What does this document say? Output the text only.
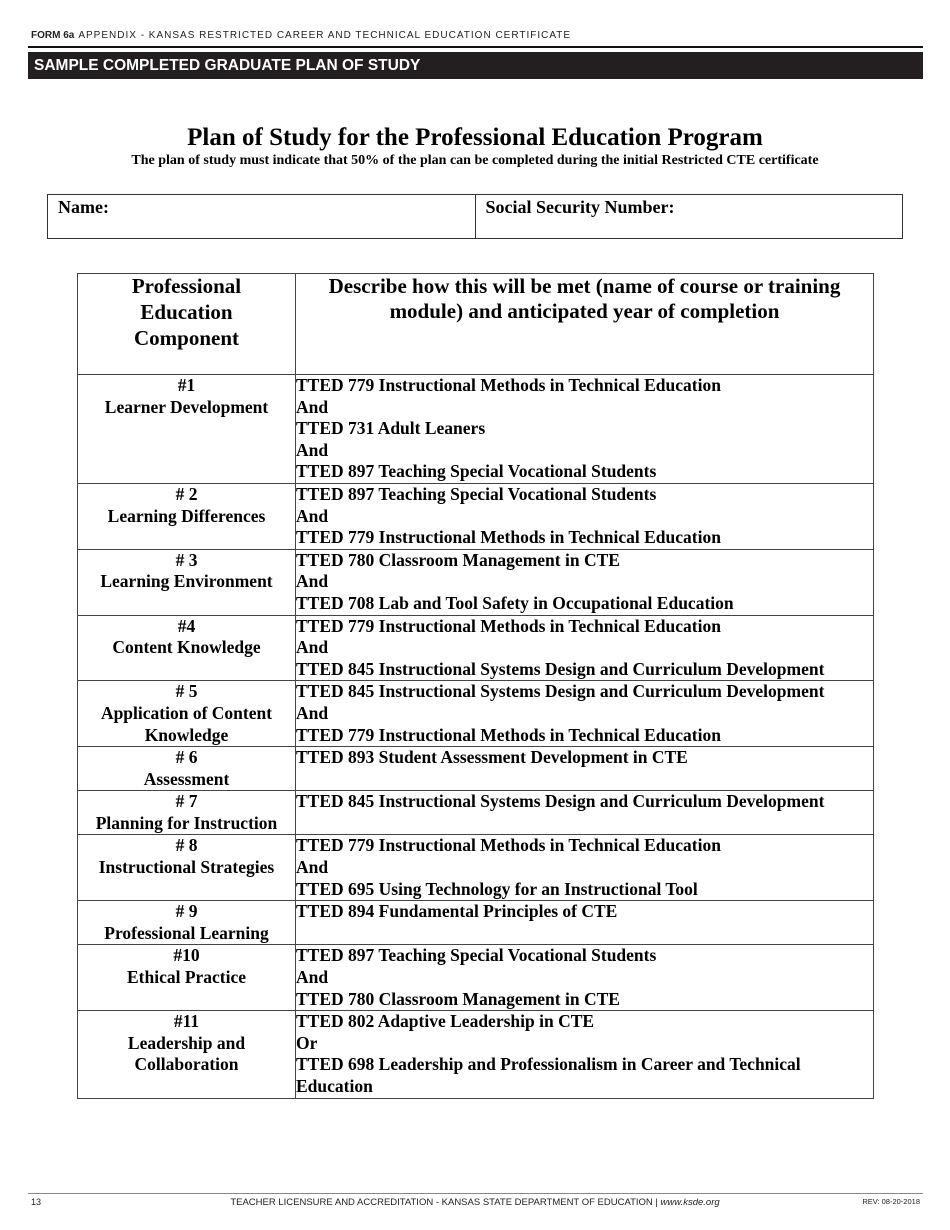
FORM 6a APPENDIX - KANSAS RESTRICTED CAREER AND TECHNICAL EDUCATION CERTIFICATE
SAMPLE COMPLETED GRADUATE PLAN OF STUDY
Plan of Study for the Professional Education Program
The plan of study must indicate that 50% of the plan can be completed during the initial Restricted CTE certificate
Name:	Social Security Number:
Professional
Education
Component	Describe how this will be met (name of course or training module) and anticipated year of completion

#1
Learner Development	TTED 779 Instructional Methods in Technical Education
And
TTED 731 Adult Leaners
And
TTED 897 Teaching Special Vocational Students

# 2
Learning Differences	TTED 897 Teaching Special Vocational Students
And
TTED 779 Instructional Methods in Technical Education

# 3
Learning Environment	TTED 780 Classroom Management in CTE
And
TTED 708 Lab and Tool Safety in Occupational Education

#4
Content Knowledge	TTED 779 Instructional Methods in Technical Education
And
TTED 845 Instructional Systems Design and Curriculum Development

# 5
Application of Content Knowledge	TTED 845 Instructional Systems Design and Curriculum Development
And
TTED 779 Instructional Methods in Technical Education

# 6
Assessment	TTED 893 Student Assessment Development in CTE

# 7
Planning for Instruction	TTED 845 Instructional Systems Design and Curriculum Development

# 8
Instructional Strategies	TTED 779 Instructional Methods in Technical Education
And
TTED 695 Using Technology for an Instructional Tool

# 9
Professional Learning	TTED 894 Fundamental Principles of CTE

#10
Ethical Practice	TTED 897 Teaching Special Vocational Students
And
TTED 780 Classroom Management in CTE

#11
Leadership and Collaboration	TTED 802 Adaptive Leadership in CTE
Or
TTED 698 Leadership and Professionalism in Career and Technical Education
13	TEACHER LICENSURE AND ACCREDITATION - KANSAS STATE DEPARTMENT OF EDUCATION | www.ksde.org	REV: 08-20-2018
